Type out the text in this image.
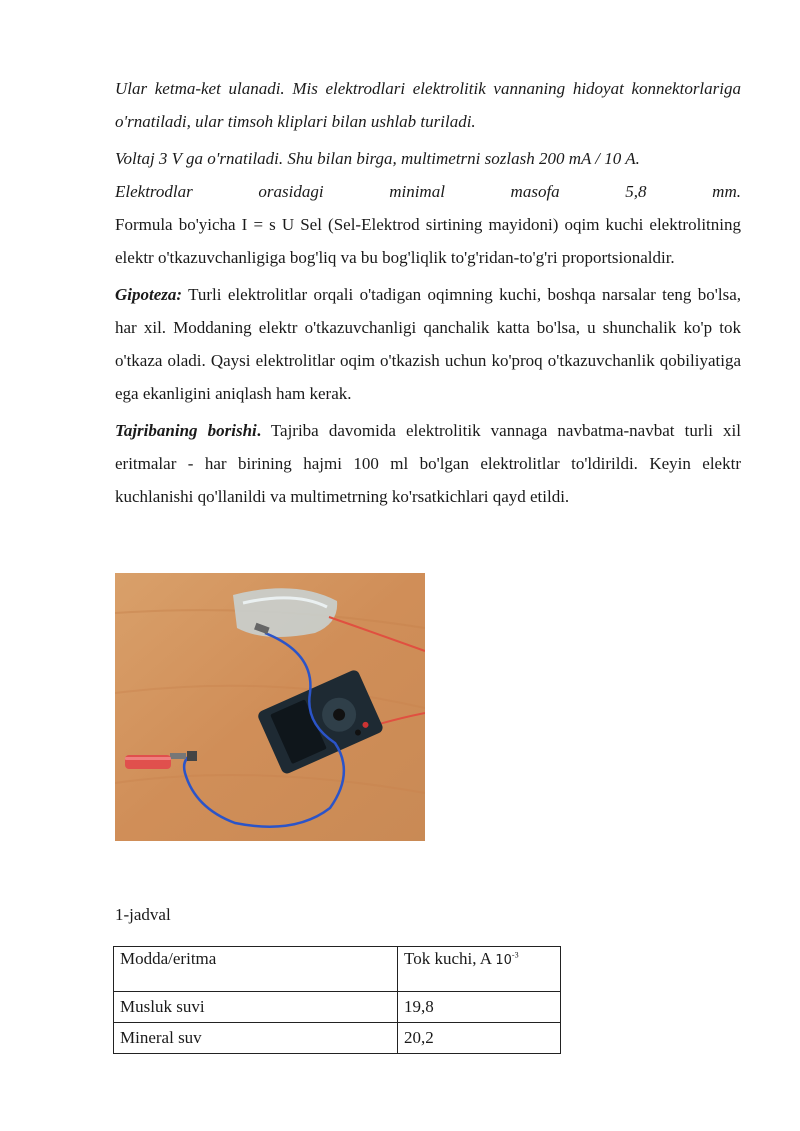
Ular ketma-ket ulanadi. Mis elektrodlari elektrolitik vannaning hidoyat konnektorlariga o'rnatiladi, ular timsoh kliplari bilan ushlab turiladi.

Voltaj 3 V ga o'rnatiladi. Shu bilan birga, multimetrni sozlash 200 mA / 10 A.

Elektrodlar	orasidagi	minimal	masofa	5,8	mm.

Formula bo'yicha I = s U Sel (Sel-Elektrod sirtining mayidoni) oqim kuchi elektrolitning elektr o'tkazuvchanligiga bog'liq va bu bog'liqlik to'g'ridan-to'g'ri proportsionaldir.

Gipoteza: Turli elektrolitlar orqali o'tadigan oqimning kuchi, boshqa narsalar teng bo'lsa, har xil. Moddaning elektr o'tkazuvchanligi qanchalik katta bo'lsa, u shunchalik ko'p tok o'tkaza oladi. Qaysi elektrolitlar oqim o'tkazish uchun ko'proq o'tkazuvchanlik qobiliyatiga ega ekanligini aniqlash ham kerak.

Tajribaning borishi. Tajriba davomida elektrolitik vannaga navbatma-navbat turli xil eritmalar - har birining hajmi 100 ml bo'lgan elektrolitlar to'ldirildi. Keyin elektr kuchlanishi qo'llanildi va multimetrning ko'rsatkichlari qayd etildi.

1-jadval
Modda/eritma	Tok kuchi, A $10^{-3}$
Musluk suvi	19,8
Mineral suv	20,2
